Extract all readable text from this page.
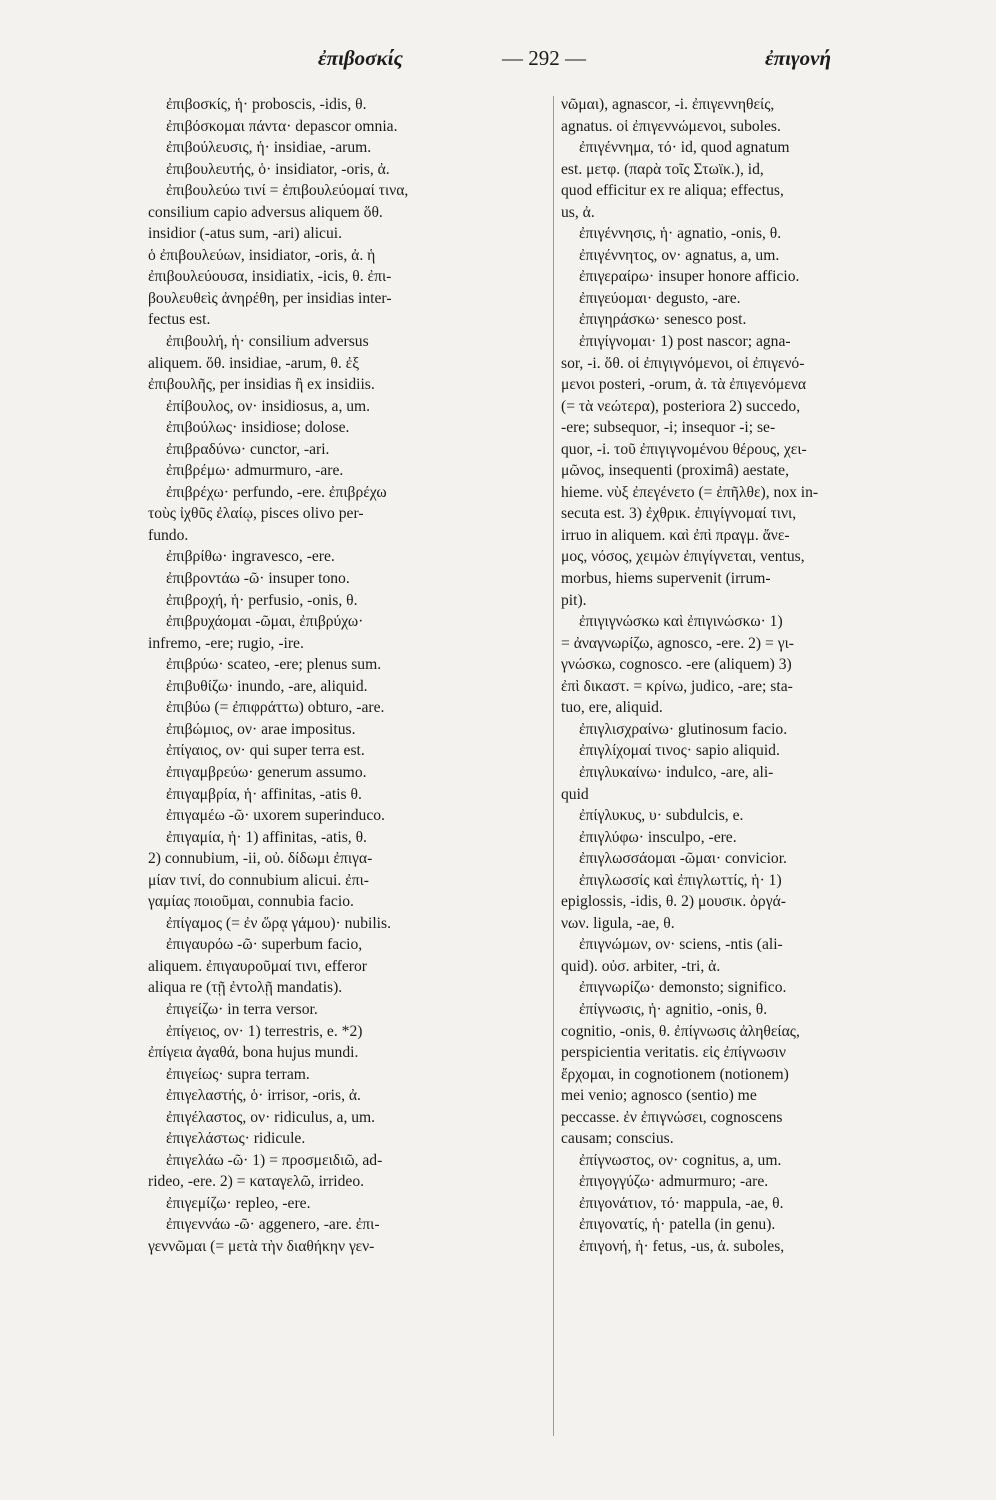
ἐπιβοσκίς	— 292 —	ἐπιγονή
ἐπιβοσκίς, ἡ· proboscis, -idis, θ.
ἐπιβόσκομαι πάντα· depascor omnia.
ἐπιβούλευσις, ἡ· insidiae, -arum.
ἐπιβουλευτής, ὁ· insidiator, -oris, ἀ.
ἐπιβουλεύω τινί = ἐπιβουλεύομαί τινα,
consilium capio adversus aliquem ὅθ.
insidior (-atus sum, -ari) alicui.
ὁ ἐπιβουλεύων, insidiator, -oris, ἀ. ἡ
ἐπιβουλεύουσα, insidiatix, -icis, θ. ἐπι-
βουλευθεὶς ἀνηρέθη, per insidias inter-
fectus est.
ἐπιβουλή, ἡ· consilium adversus
aliquem. ὅθ. insidiae, -arum, θ. ἐξ
ἐπιβουλῆς, per insidias ἢ ex insidiis.
ἐπίβουλος, ον· insidiosus, a, um.
ἐπιβούλως· insidiose; dolose.
ἐπιβραδύνω· cunctor, -ari.
ἐπιβρέμω· admurmuro, -are.
ἐπιβρέχω· perfundo, -ere. ἐπιβρέχω
τοὺς ἰχθῦς ἐλαίῳ, pisces olivo per-
fundo.
ἐπιβρίθω· ingravesco, -ere.
ἐπιβροντάω -ῶ· insuper tono.
ἐπιβροχή, ἡ· perfusio, -onis, θ.
ἐπιβρυχάομαι -ῶμαι, ἐπιβρύχω·
infremo, -ere; rugio, -ire.
ἐπιβρύω· scateo, -ere; plenus sum.
ἐπιβυθίζω· inundo, -are, aliquid.
ἐπιβύω (= ἐπιφράττω) obturo, -are.
ἐπιβώμιος, ον· arae impositus.
ἐπίγαιος, ον· qui super terra est.
ἐπιγαμβρεύω· generum assumo.
ἐπιγαμβρία, ἡ· affinitas, -atis θ.
ἐπιγαμέω -ῶ· uxorem superinduco.
ἐπιγαμία, ἡ· 1) affinitas, -atis, θ.
2) connubium, -ii, οὐ. δίδωμι ἐπιγα-
μίαν τινί, do connubium alicui. ἐπι-
γαμίας ποιοῦμαι, connubia facio.
ἐπίγαμος (= ἐν ὥρᾳ γάμου)· nubilis.
ἐπιγαυρόω -ῶ· superbum facio,
aliquem. ἐπιγαυροῦμαί τινι, efferor
aliqua re (τῇ ἐντολῇ mandatis).
ἐπιγείζω· in terra versor.
ἐπίγειος, ον· 1) terrestris, e. *2)
ἐπίγεια ἀγαθά, bona hujus mundi.
ἐπιγείως· supra terram.
ἐπιγελαστής, ὁ· irrisor, -oris, ἀ.
ἐπιγέλαστος, ον· ridiculus, a, um.
ἐπιγελάστως· ridicule.
ἐπιγελάω -ῶ· 1) = προσμειδιῶ, ad-
rideo, -ere. 2) = καταγελῶ, irrideo.
ἐπιγεμίζω· repleo, -ere.
ἐπιγεννάω -ῶ· aggenero, -are. ἐπι-
γεννῶμαι (= μετὰ τὴν διαθήκην γεν-
νῶμαι), agnascor, -i. ἐπιγεννηθείς,
agnatus. οἱ ἐπιγεννώμενοι, suboles.
ἐπιγέννημα, τό· id, quod agnatum
est. μετφ. (παρὰ τοῖς Στωϊκ.), id,
quod efficitur ex re aliqua; effectus,
us, ἀ.
ἐπιγέννησις, ἡ· agnatio, -onis, θ.
ἐπιγέννητος, ον· agnatus, a, um.
ἐπιγεραίρω· insuper honore afficio.
ἐπιγεύομαι· degusto, -are.
ἐπιγηράσκω· senesco post.
ἐπιγίγνομαι· 1) post nascor; agna-
sor, -i. ὅθ. οἱ ἐπιγιγνόμενοι, οἱ ἐπιγενό-
μενοι posteri, -orum, ἀ. τὰ ἐπιγενόμενα
(= τὰ νεώτερα), posteriora 2) succedo,
-ere; subsequor, -i; insequor -i; se-
quor, -i. τοῦ ἐπιγιγνομένου θέρους, χει-
μῶνος, insequenti (proximâ) aestate,
hieme. νὺξ ἐπεγένετο (= ἐπῆλθε), nox in-
secuta est. 3) ἐχθρικ. ἐπιγίγνομαί τινι,
irruo in aliquem. καὶ ἐπὶ πραγμ. ἄνε-
μος, νόσος, χειμὼν ἐπιγίγνεται, ventus,
morbus, hiems supervenit (irrum-
pit).
ἐπιγιγνώσκω καὶ ἐπιγινώσκω· 1)
= ἀναγνωρίζω, agnosco, -ere. 2) = γι-
γνώσκω, cognosco. -ere (aliquem) 3)
ἐπὶ δικαστ. = κρίνω, judico, -are; sta-
tuo, ere, aliquid.
ἐπιγλισχραίνω· glutinosum facio.
ἐπιγλίχομαί τινος· sapio aliquid.
ἐπιγλυκαίνω· indulco, -are, ali-
quid
ἐπίγλυκυς, υ· subdulcis, e.
ἐπιγλύφω· insculpo, -ere.
ἐπιγλωσσάομαι -ῶμαι· convicior.
ἐπιγλωσσίς καὶ ἐπιγλωττίς, ἡ· 1)
epiglossis, -idis, θ. 2) μουσικ. ὀργά-
νων. ligula, -ae, θ.
ἐπιγνώμων, ον· sciens, -ntis (ali-
quid). οὐσ. arbiter, -tri, ἀ.
ἐπιγνωρίζω· demonsto; significo.
ἐπίγνωσις, ἡ· agnitio, -onis, θ.
cognitio, -onis, θ. ἐπίγνωσις ἀληθείας,
perspicientia veritatis. εἰς ἐπίγνωσιν
ἔρχομαι, in cognotionem (notionem)
mei venio; agnosco (sentio) me
peccasse. ἐν ἐπιγνώσει, cognoscens
causam; conscius.
ἐπίγνωστος, ον· cognitus, a, um.
ἐπιγογγύζω· admurmuro; -are.
ἐπιγονάτιον, τό· mappula, -ae, θ.
ἐπιγονατίς, ἡ· patella (in genu).
ἐπιγονή, ἡ· fetus, -us, ἀ. suboles,
